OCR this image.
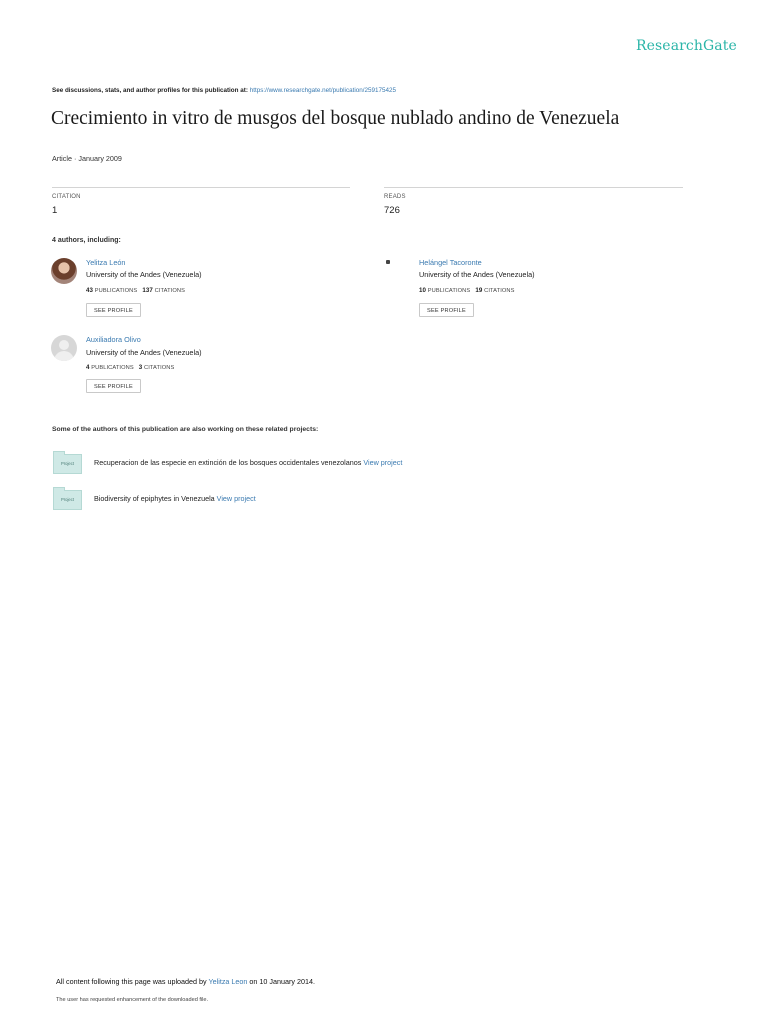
ResearchGate
See discussions, stats, and author profiles for this publication at: https://www.researchgate.net/publication/259175425
Crecimiento in vitro de musgos del bosque nublado andino de Venezuela
Article · January 2009
CITATION
1
READS
726
4 authors, including:
Yelitza León
University of the Andes (Venezuela)
43 PUBLICATIONS 137 CITATIONS
SEE PROFILE
Helángel Tacoronte
University of the Andes (Venezuela)
10 PUBLICATIONS 19 CITATIONS
SEE PROFILE
Auxiliadora Olivo
University of the Andes (Venezuela)
4 PUBLICATIONS 3 CITATIONS
SEE PROFILE
Some of the authors of this publication are also working on these related projects:
Project	Recuperacion de las especie en extinción de los bosques occidentales venezolanos View project
Project	Biodiversity of epiphytes in Venezuela View project
All content following this page was uploaded by Yelitza Leon on 10 January 2014.
The user has requested enhancement of the downloaded file.
